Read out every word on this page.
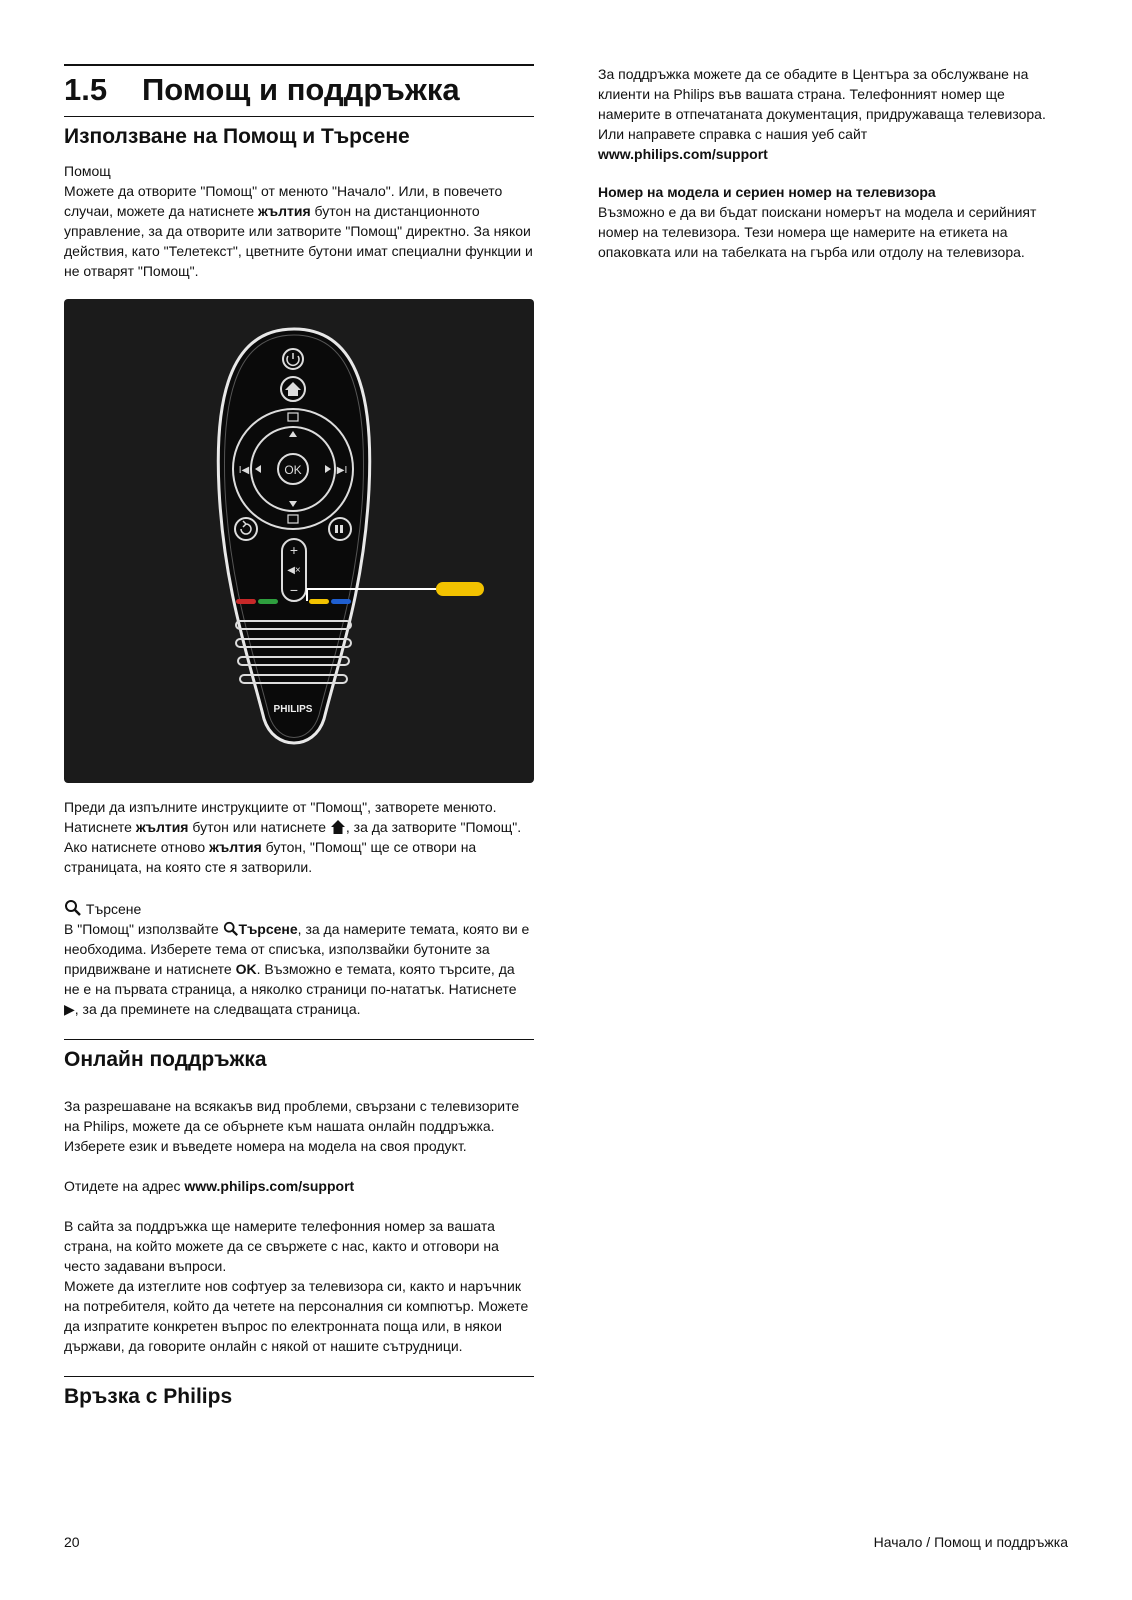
1.5 Помощ и поддръжка
Използване на Помощ и Търсене
Помощ

Можете да отворите "Помощ" от менюто "Начало". Или, в повечето случаи, можете да натиснете жълтия бутон на дистанционното управление, за да отворите или затворите "Помощ" директно. За някои действия, като "Телетекст", цветните бутони имат специални функции и не отварят "Помощ".

OK
I◀	▶I
+
◀×
−
PHILIPS

Преди да изпълните инструкциите от "Помощ", затворете менюто. Натиснете жълтия бутон или натиснете , за да затворите "Помощ". Ако натиснете отново жълтия бутон, "Помощ" ще се отвори на страницата, на която сте я затворили.

Търсене

В "Помощ" използвайте Търсене, за да намерите темата, която ви е необходима. Изберете тема от списъка, използвайки бутоните за придвижване и натиснете OK. Възможно е темата, която търсите, да не е на първата страница, а няколко страници по-нататък. Натиснете ▶, за да преминете на следващата страница.

Онлайн поддръжка

За разрешаване на всякакъв вид проблеми, свързани с телевизорите на Philips, можете да се обърнете към нашата онлайн поддръжка. Изберете език и въведете номера на модела на своя продукт.

Отидете на адрес www.philips.com/support

В сайта за поддръжка ще намерите телефонния номер за вашата страна, на който можете да се свържете с нас, както и отговори на често задавани въпроси.

Можете да изтеглите нов софтуер за телевизора си, както и наръчник на потребителя, който да четете на персоналния си компютър. Можете да изпратите конкретен въпрос по електронната поща или, в някои държави, да говорите онлайн с някой от нашите сътрудници.

Връзка с Philips

За поддръжка можете да се обадите в Центъра за обслужване на клиенти на Philips във вашата страна. Телефонният номер ще намерите в отпечатаната документация, придружаваща телевизора.

Или направете справка с нашия уеб сайт

www.philips.com/support

Номер на модела и сериен номер на телевизора

Възможно е да ви бъдат поискани номерът на модела и серийният номер на телевизора. Тези номера ще намерите на етикета на опаковката или на табелката на гърба или отдолу на телевизора.

20	Начало / Помощ и поддръжка
